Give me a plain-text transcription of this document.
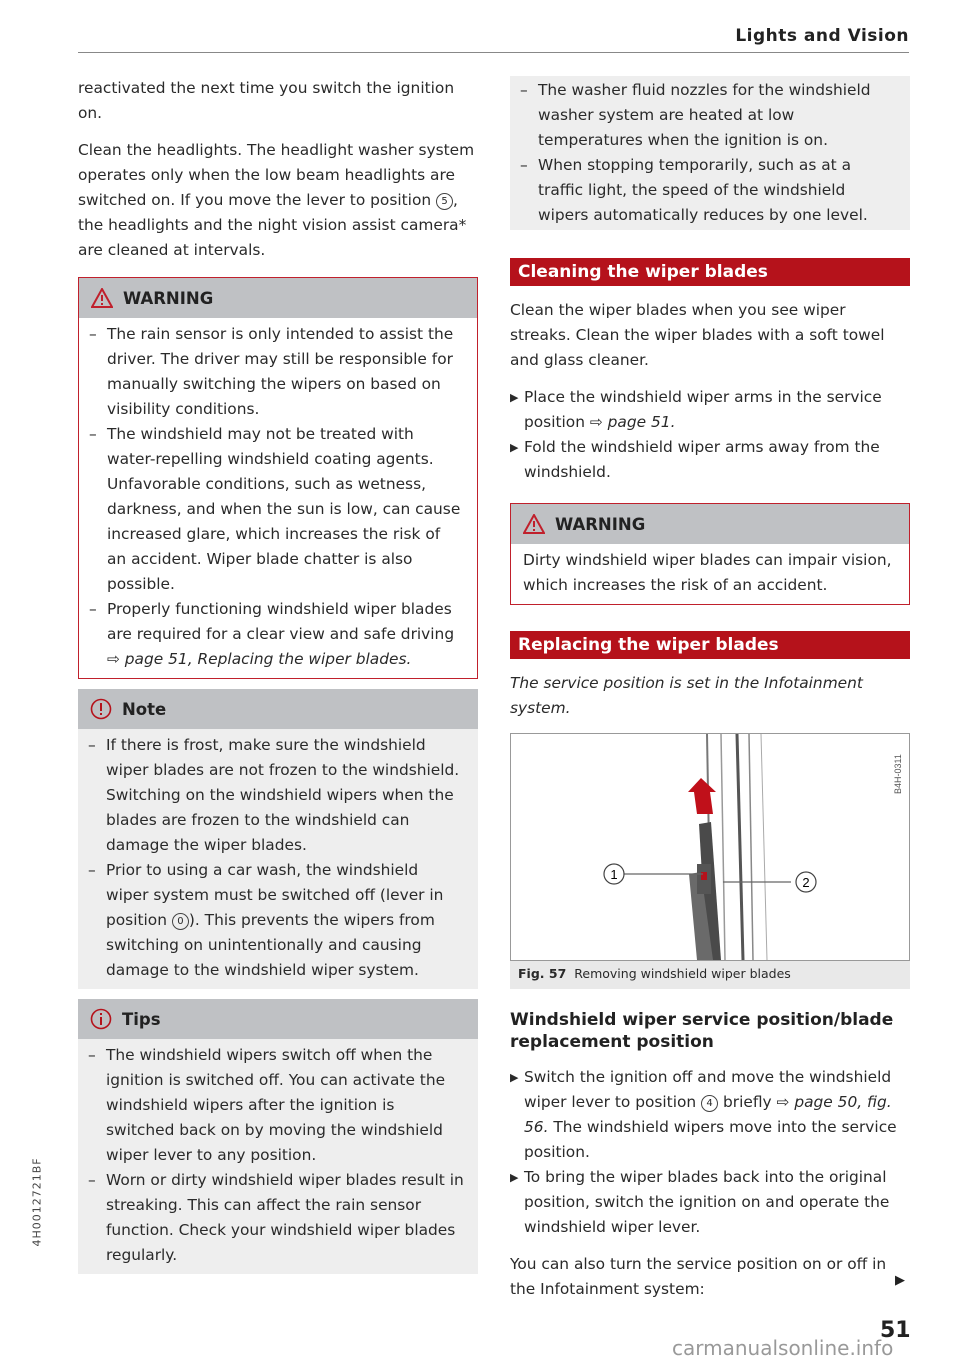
Lights and Vision

reactivated the next time you switch the ignition on.

Clean the headlights. The headlight washer system operates only when the low beam headlights are switched on. If you move the lever to position 5 , the headlights and the night vision assist camera* are cleaned at intervals.

WARNING
– The rain sensor is only intended to assist the driver. The driver may still be responsible for manually switching the wipers on based on visibility conditions.
– The windshield may not be treated with water-repelling windshield coating agents. Unfavorable conditions, such as wetness, darkness, and when the sun is low, can cause increased glare, which increases the risk of an accident. Wiper blade chatter is also possible.
– Properly functioning windshield wiper blades are required for a clear view and safe driving ⇨ page 51, Replacing the wiper blades.
Note
– If there is frost, make sure the windshield wiper blades are not frozen to the windshield. Switching on the windshield wipers when the blades are frozen to the windshield can damage the wiper blades.
– Prior to using a car wash, the windshield wiper system must be switched off (lever in position 0 ). This prevents the wipers from switching on unintentionally and causing damage to the windshield wiper system.
Tips
– The windshield wipers switch off when the ignition is switched off. You can activate the windshield wipers after the ignition is switched back on by moving the windshield wiper lever to any position.
– Worn or dirty windshield wiper blades result in streaking. This can affect the rain sensor function. Check your windshield wiper blades regularly.
– The washer fluid nozzles for the windshield washer system are heated at low temperatures when the ignition is on.
– When stopping temporarily, such as at a traffic light, the speed of the windshield wipers automatically reduces by one level.
Cleaning the wiper blades

Clean the wiper blades when you see wiper streaks. Clean the wiper blades with a soft towel and glass cleaner.

▶ Place the windshield wiper arms in the service position ⇨ page 51.
▶ Fold the windshield wiper arms away from the windshield.
WARNING
Dirty windshield wiper blades can impair vision, which increases the risk of an accident.
Replacing the wiper blades

The service position is set in the Infotainment system.

1
2
B4H-0311
Fig. 57 Removing windshield wiper blades
Windshield wiper service position/blade replacement position
▶ Switch the ignition off and move the windshield wiper lever to position 4 briefly ⇨ page 50, fig. 56. The windshield wipers move into the service position.
▶ To bring the wiper blades back into the original position, switch the ignition on and operate the windshield wiper lever.

You can also turn the service position on or off in the Infotainment system:	▶
51
4H0012721BF
carmanualsonline.info
